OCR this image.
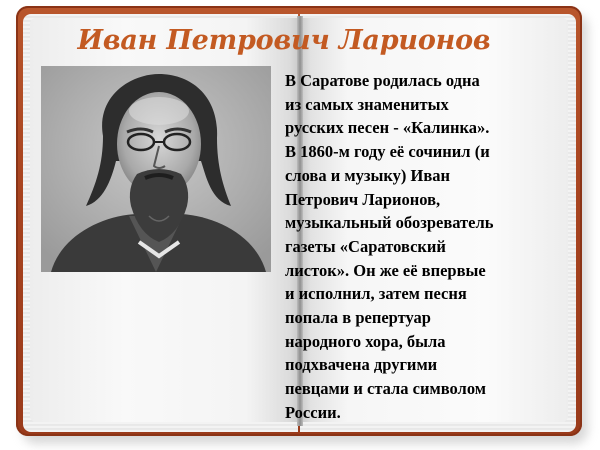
Иван Петрович Ларионов
В Саратове родилась одна
из самых знаменитых
русских песен - «Калинка».
В 1860-м году её сочинил (и
слова и музыку) Иван
Петрович Ларионов,
музыкальный обозреватель
газеты «Саратовский
листок». Он же её впервые
и исполнил, затем песня
попала в репертуар
народного хора, была
подхвачена другими
певцами и стала символом
России.
